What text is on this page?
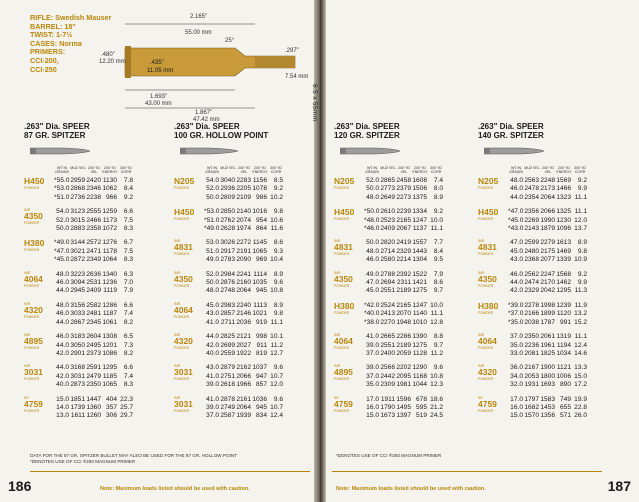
RIFLE: Swedish Mauser
BARREL: 18"
TWIST: 1-7½
CASES: Norma
PRIMERS:
CCI-200,
CCI-250
2.165"
55.00 mm
25°
.480"
12.20 mm	.435"
11.05 mm
.297"
7.54 mm
1.693"
43.00 mm
1.867"
47.42 mm
.263" Dia. SPEER
87 GR. SPITZER
WT IN GRAINS
MUZ VEL 200 YD VEL
200 YD ENERGY
300 YD CORR
H450
POWDER
*55.0 2959 2420 1130	7.8
*53.0 2868 2346 1062	8.4
*51.0 2736 2238 966	9.2
IMR
4350
POWDER
54.0 3123 2555 1259	6.6
52.0 3015 2466 1173	7.5
50.0 2883 2358 1072	8.3
H380
POWDER
*49.0 3144 2572 1276	6.7
*47.0 3021 2471 1178	7.5
*45.0 2872 2349 1064	8.3
IMR
4064
POWDER
48.0 3223 2636 1340	6.3
46.0 3094 2531 1236	7.0
44.0 2945 2409 1119	7.9
IMR
4320
POWDER
48.0 3156 2582 1286	6.6
46.0 3033 2481 1187	7.4
44.0 2867 2345 1061	8.2
IMR
4895
POWDER
46.0 3183 2604 1308	6.5
44.0 3050 2495 1201	7.3
42.0 2901 2373 1086	8.2
IMR
3031
POWDER
44.0 3168 2591 1295	6.6
42.0 3031 2479 1185	7.4
40.0 2873 2350 1065	8.3
SR
4759
POWDER
15.0 1851 1447 404 22.3
14.0 1739 1360 357 25.7
13.0 1611 1260 306 29.7
.263" Dia. SPEER
100 GR. HOLLOW POINT
WT IN GRAINS
MUZ VEL 200 YD VEL
200 YD ENERGY
300 YD CORR
N205
POWDER
54.0 3040 2283 1156	8.5
52.0 2936 2205 1078	9.2
50.0 2809 2109 986 10.2
H450
POWDER
*53.0 2850 2140 1016	9.8
*51.0 2762 2074 954 10.6
*49.0 2628 1974 864 11.6
IMR
4831
POWDER
53.0 3026 2272 1145	8.6
51.0 2917 2191 1065	9.3
49.0 2783 2090 969 10.4
IMR
4350
POWDER
52.0 2984 2241 1114	8.9
50.0 2876 2160 1035	9.6
48.0 2748 2064 945 10.8
IMR
4064
POWDER
45.0 2983 2240 1113	8.9
43.0 2857 2146 1021	9.8
41.0 2711 2036 919 11.1
IMR
4320
POWDER
44.0 2825 2121 998 10.1
42.0 2699 2027 911 11.2
40.0 2559 1922 819 12.7
IMR
3031
POWDER
43.0 2879 2162 1037	9.6
41.0 2751 2066 947 10.7
39.0 2618 1966 857 12.0
IMR
3031
POWDER
41.0 2878 2161 1036	9.6
39.0 2749 2064 945 10.7
37.0 2587 1939 834 12.4
DATA FOR THE 87 GR. SPITZER BULLET MAY ALSO BE USED FOR THE 87 GR. HOLLOW POINT
*DENOTES USE OF CCI ®250 MAGNUM PRIMER
186	Note: Maximum loads listed should be used with caution.
.263" Dia. SPEER
120 GR. SPITZER
WT IN GRAINS
MUZ VEL 200 YD VEL
200 YD ENERGY
300 YD CORR
N205
POWDER
52.0 2865 2458 1608	7.4
50.0 2773 2379 1506	8.0
48.0 2649 2273 1375	8.9
H450
POWDER
*50.0 2610 2239 1334	9.2
*48.0 2523 2165 1247 10.0
*46.0 2409 2067 1137 11.1
IMR
4831
POWDER
50.0 2820 2419 1557	7.7
48.0 2714 2329 1443	8.4
46.0 2580 2214 1304	9.5
IMR
4350
POWDER
49.0 2788 2392 1522	7.9
47.0 2694 2311 1421	8.6
45.0 2551 2189 1275	9.7
H380
POWDER
*42.0 2524 2165 1247 10.0
*40.0 2413 2070 1140 11.1
*38.0 2270 1948 1010 12.8
IMR
4064
POWDER
41.0 2665 2286 1390	8.8
39.0 2551 2189 1275	9.7
37.0 2400 2059 1128 11.2
IMR
4895
POWDER
39.0 2566 2202 1290	9.6
37.0 2442 2095 1168 10.8
35.0 2309 1981 1044 12.3
SR
4759
POWDER
17.0 1911 1596 678 18.6
16.0 1790 1495 595 21.2
15.0 1673 1397 519 24.5
.263" Dia. SPEER
140 GR. SPITZER
WT IN GRAINS
MUZ VEL 200 YD VEL
200 YD ENERGY
300 YD CORR
N205
POWDER
48.0 2563 2248 1569	9.2
46.0 2478 2173 1466	9.9
44.0 2354 2064 1323 11.1
H450
POWDER
*47.0 2356 2066 1325 11.1
*45.0 2269 1990 1230 12.0
*43.0 2143 1879 1096 13.7
IMR
4831
POWDER
47.0 2599 2279 1613	8.9
45.0 2480 2175 1469	9.8
43.0 2368 2077 1339 10.9
IMR
4350
POWDER
46.0 2562 2247 1568	9.2
44.0 2474 2170 1462	9.9
42.0 2329 2042 1295 11.3
H380
POWDER
*39.0 2278 1998 1239 11.9
*37.0 2166 1899 1120 13.2
*35.0 2038 1787 991 15.2
IMR
4064
POWDER
37.0 2350 2061 1319 11.1
35.0 2236 1961 1194 12.4
33.0 2081 1825 1034 14.6
IMR
4320
POWDER
36.0 2167 1900 1121 13.3
34.0 2053 1800 1006 15.0
32.0 1931 1693 890 17.2
SR
4759
POWDER
17.0 1797 1583 749 19.9
16.0 1682 1453 655 22.8
15.0 1570 1356 571 26.0
*DENOTES USE OF CCI ®250 MAGNUM PRIMER
Note: Maximum loads listed should be used with caution.	187
6.5 x 55mm
